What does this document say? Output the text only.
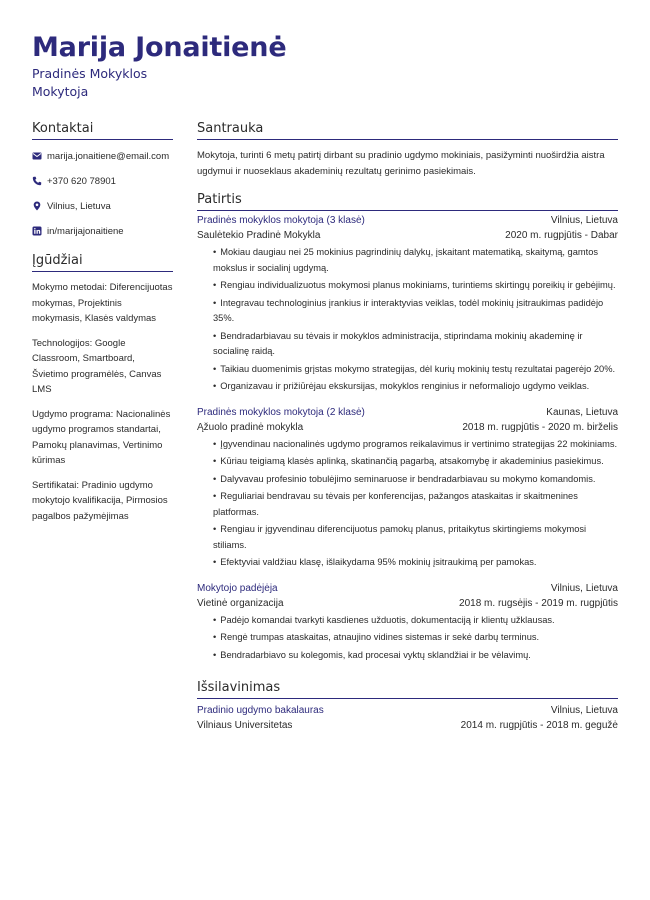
Marija Jonaitienė
Pradinės Mokyklos Mokytoja
Kontaktai
marija.jonaitiene@email.com
+370 620 78901
Vilnius, Lietuva
in/marijajonaitiene
Įgūdžiai
Mokymo metodai: Diferencijuotas mokymas, Projektinis mokymasis, Klasės valdymas
Technologijos: Google Classroom, Smartboard, Švietimo programėlės, Canvas LMS
Ugdymo programa: Nacionalinės ugdymo programos standartai, Pamokų planavimas, Vertinimo kūrimas
Sertifikatai: Pradinio ugdymo mokytojo kvalifikacija, Pirmosios pagalbos pažymėjimas
Santrauka

Mokytoja, turinti 6 metų patirtį dirbant su pradinio ugdymo mokiniais, pasižyminti nuoširdžia aistra ugdymui ir nuoseklaus akademinių rezultatų gerinimo pasiekimais.

Patirtis
Pradinės mokyklos mokytoja (3 klasė)	Vilnius, Lietuva
Saulėtekio Pradinė Mokykla	2020 m. rugpjūtis - Dabar
• Mokiau daugiau nei 25 mokinius pagrindinių dalykų, įskaitant matematiką, skaitymą, gamtos mokslus ir socialinį ugdymą.
• Rengiau individualizuotus mokymosi planus mokiniams, turintiems skirtingų poreikių ir gebėjimų.
• Integravau technologinius įrankius ir interaktyvias veiklas, todėl mokinių įsitraukimas padidėjo 35%.
• Bendradarbiavau su tėvais ir mokyklos administracija, stiprindama mokinių akademinę ir socialinę raidą.
• Taikiau duomenimis grįstas mokymo strategijas, dėl kurių mokinių testų rezultatai pagerėjo 20%.
• Organizavau ir prižiūrėjau ekskursijas, mokyklos renginius ir neformaliojo ugdymo veiklas.
Pradinės mokyklos mokytoja (2 klasė)	Kaunas, Lietuva
Ąžuolo pradinė mokykla	2018 m. rugpjūtis - 2020 m. birželis
• Įgyvendinau nacionalinės ugdymo programos reikalavimus ir vertinimo strategijas 22 mokiniams.
• Kūriau teigiamą klasės aplinką, skatinančią pagarbą, atsakomybę ir akademinius pasiekimus.
• Dalyvavau profesinio tobulėjimo seminaruose ir bendradarbiavau su mokymo komandomis.
• Reguliariai bendravau su tėvais per konferencijas, pažangos ataskaitas ir skaitmenines platformas.
• Rengiau ir įgyvendinau diferencijuotus pamokų planus, pritaikytus skirtingiems mokymosi stiliams.
• Efektyviai valdžiau klasę, išlaikydama 95% mokinių įsitraukimą per pamokas.
Mokytojo padėjėja	Vilnius, Lietuva
Vietinė organizacija	2018 m. rugsėjis - 2019 m. rugpjūtis
• Padėjo komandai tvarkyti kasdienes užduotis, dokumentaciją ir klientų užklausas.
• Rengė trumpas ataskaitas, atnaujino vidines sistemas ir sekė darbų terminus.
• Bendradarbiavo su kolegomis, kad procesai vyktų sklandžiai ir be vėlavimų.
Išsilavinimas
Pradinio ugdymo bakalauras	Vilnius, Lietuva
Vilniaus Universitetas	2014 m. rugpjūtis - 2018 m. gegužė
